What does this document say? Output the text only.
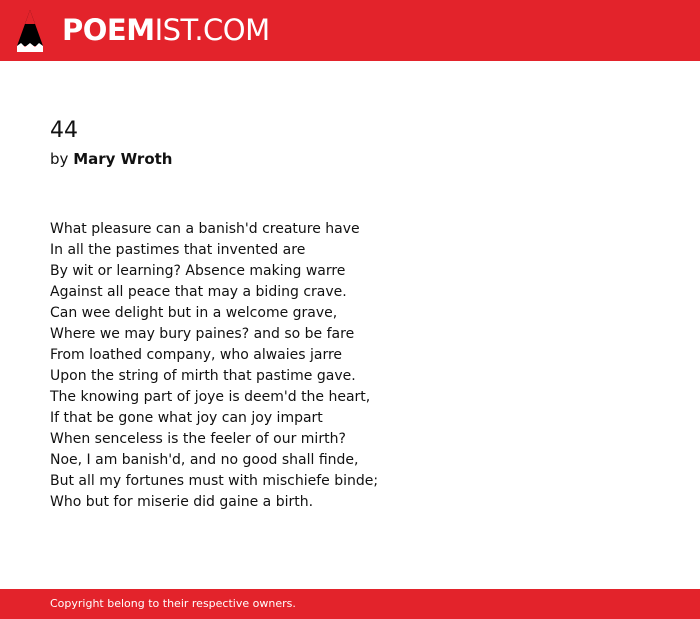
POEMIST.COM
44
by Mary Wroth
What pleasure can a banish'd creature have
In all the pastimes that invented are
By wit or learning? Absence making warre
Against all peace that may a biding crave.
Can wee delight but in a welcome grave,
Where we may bury paines? and so be fare
From loathed company, who alwaies jarre
Upon the string of mirth that pastime gave.
The knowing part of joye is deem'd the heart,
If that be gone what joy can joy impart
When senceless is the feeler of our mirth?
Noe, I am banish'd, and no good shall finde,
But all my fortunes must with mischiefe binde;
Who but for miserie did gaine a birth.
Copyright belong to their respective owners.
